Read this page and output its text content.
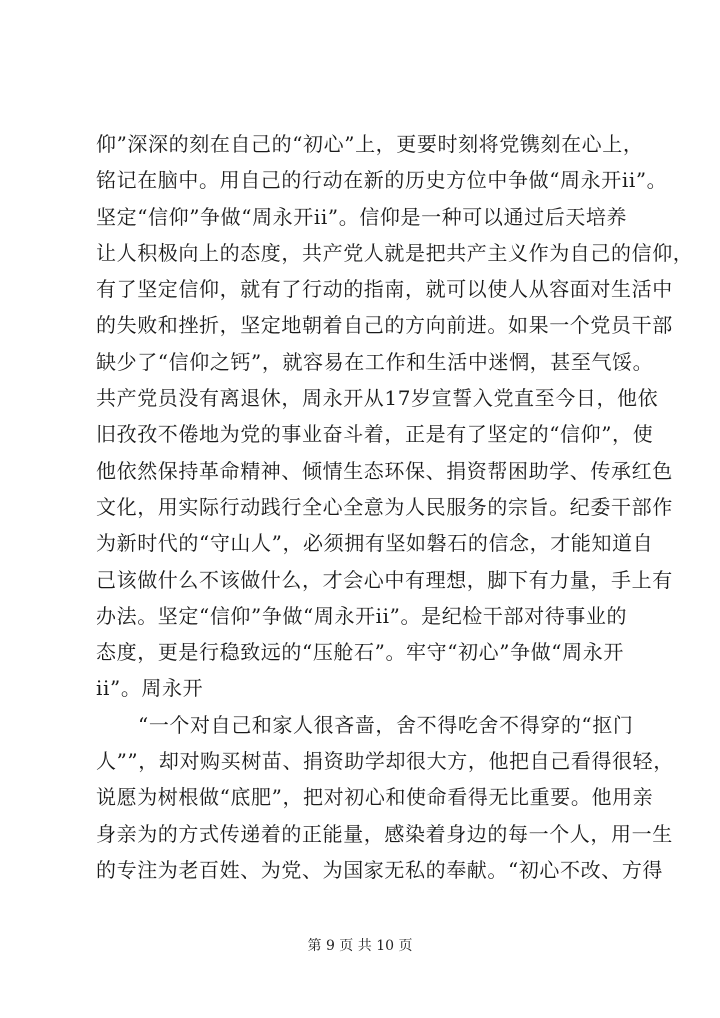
仰”深深的刻在自己的“初心”上，更要时刻将党镌刻在心上，
铭记在脑中。用自己的行动在新的历史方位中争做“周永开ii”。
坚定“信仰”争做“周永开ii”。信仰是一种可以通过后天培养
让人积极向上的态度，共产党人就是把共产主义作为自己的信仰，
有了坚定信仰，就有了行动的指南，就可以使人从容面对生活中
的失败和挫折，坚定地朝着自己的方向前进。如果一个党员干部
缺少了“信仰之钙”，就容易在工作和生活中迷惘，甚至气馁。
共产党员没有离退休，周永开从17岁宣誓入党直至今日，他依
旧孜孜不倦地为党的事业奋斗着，正是有了坚定的“信仰”，使
他依然保持革命精神、倾情生态环保、捐资帮困助学、传承红色
文化，用实际行动践行全心全意为人民服务的宗旨。纪委干部作
为新时代的“守山人”，必须拥有坚如磐石的信念，才能知道自
己该做什么不该做什么，才会心中有理想，脚下有力量，手上有
办法。坚定“信仰”争做“周永开ii”。是纪检干部对待事业的
态度，更是行稳致远的“压舱石”。牢守“初心”争做“周永开
ii”。周永开
“一个对自己和家人很吝啬，舍不得吃舍不得穿的“抠门
人””，却对购买树苗、捐资助学却很大方，他把自己看得很轻，
说愿为树根做“底肥”，把对初心和使命看得无比重要。他用亲
身亲为的方式传递着的正能量，感染着身边的每一个人，用一生
的专注为老百姓、为党、为国家无私的奉献。“初心不改、方得
第 9 页 共 10 页
